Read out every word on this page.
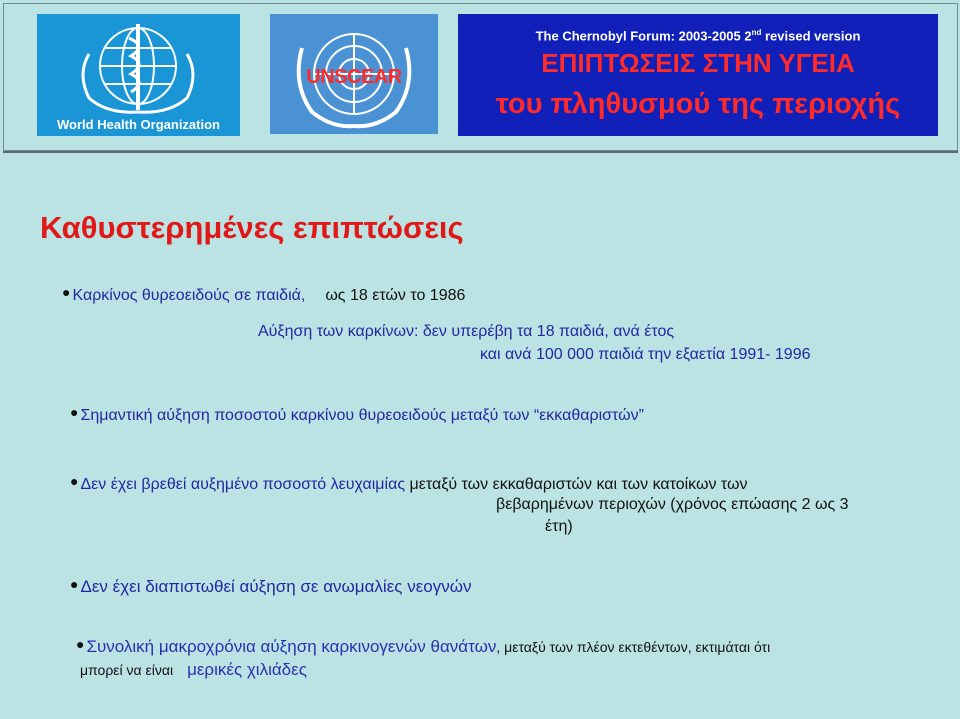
World Health Organization
UNSCEAR
The Chernobyl Forum: 2003-2005 2nd revised version
ΕΠΙΠΤΩΣΕΙΣ ΣΤΗΝ ΥΓΕΙΑ
του πληθυσμού της περιοχής
Καθυστερημένες επιπτώσεις
● Καρκίνος θυρεοειδούς σε παιδιά, ως 18 ετών το 1986
Αύξηση των καρκίνων: δεν υπερέβη τα 18 παιδιά, ανά έτος
και ανά 100 000 παιδιά την εξαετία 1991- 1996
● Σημαντική αύξηση ποσοστού καρκίνου θυρεοειδούς μεταξύ των “εκκαθαριστών”
● Δεν έχει βρεθεί αυξημένο ποσοστό λευχαιμίας μεταξύ των εκκαθαριστών και των κατοίκων των
βεβαρημένων περιοχών (χρόνος επώασης 2 ως 3
έτη)
● Δεν έχει διαπιστωθεί αύξηση σε ανωμαλίες νεογνών
● Συνολική μακροχρόνια αύξηση καρκινογενών θανάτων, μεταξύ των πλέον εκτεθέντων, εκτιμάται ότι
μπορεί να είναι μερικές χιλιάδες
